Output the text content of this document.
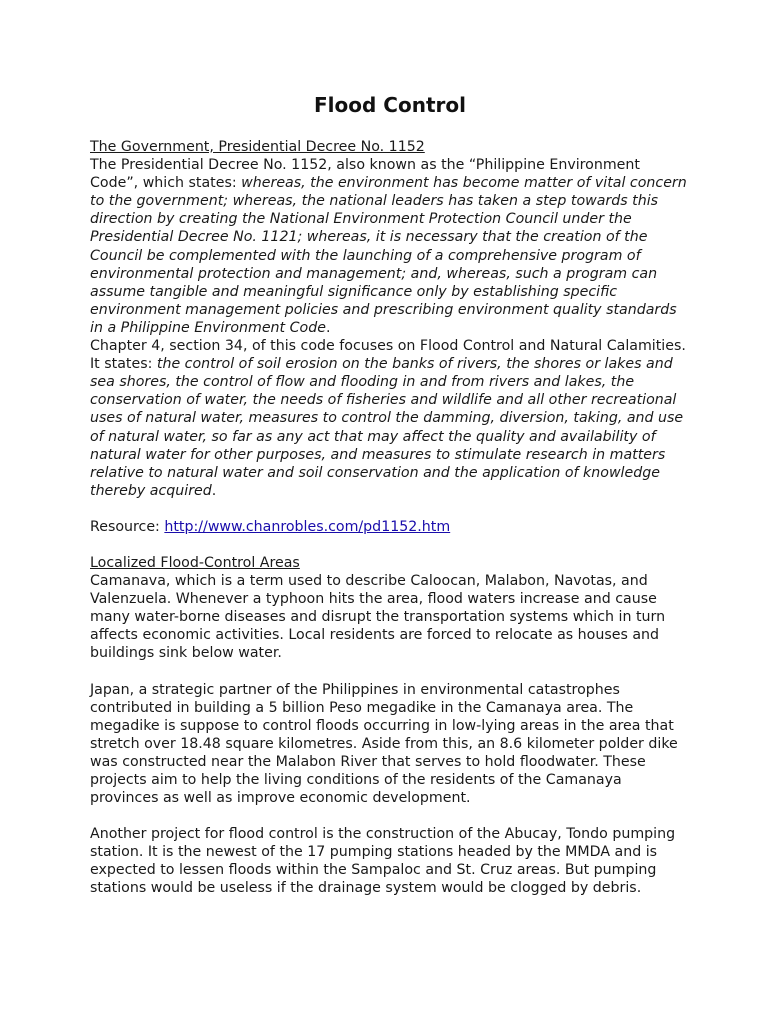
Flood Control

The Government, Presidential Decree No. 1152

The Presidential Decree No. 1152, also known as the “Philippine Environment Code”, which states: whereas, the environment has become matter of vital concern to the government; whereas, the national leaders has taken a step towards this direction by creating the National Environment Protection Council under the Presidential Decree No. 1121; whereas, it is necessary that the creation of the Council be complemented with the launching of a comprehensive program of environmental protection and management; and, whereas, such a program can assume tangible and meaningful significance only by establishing specific environment management policies and prescribing environment quality standards in a Philippine Environment Code.

Chapter 4, section 34, of this code focuses on Flood Control and Natural Calamities. It states: the control of soil erosion on the banks of rivers, the shores or lakes and sea shores, the control of flow and flooding in and from rivers and lakes, the conservation of water, the needs of fisheries and wildlife and all other recreational uses of natural water, measures to control the damming, diversion, taking, and use of natural water, so far as any act that may affect the quality and availability of natural water for other purposes, and measures to stimulate research in matters relative to natural water and soil conservation and the application of knowledge thereby acquired.

Resource: http://www.chanrobles.com/pd1152.htm

Localized Flood-Control Areas

Camanava, which is a term used to describe Caloocan, Malabon, Navotas, and Valenzuela. Whenever a typhoon hits the area, flood waters increase and cause many water-borne diseases and disrupt the transportation systems which in turn affects economic activities. Local residents are forced to relocate as houses and buildings sink below water.

Japan, a strategic partner of the Philippines in environmental catastrophes contributed in building a 5 billion Peso megadike in the Camanaya area. The megadike is suppose to control floods occurring in low-lying areas in the area that stretch over 18.48 square kilometres. Aside from this, an 8.6 kilometer polder dike was constructed near the Malabon River that serves to hold floodwater. These projects aim to help the living conditions of the residents of the Camanaya provinces as well as improve economic development.

Another project for flood control is the construction of the Abucay, Tondo pumping station. It is the newest of the 17 pumping stations headed by the MMDA and is expected to lessen floods within the Sampaloc and St. Cruz areas. But pumping stations would be useless if the drainage system would be clogged by debris.
